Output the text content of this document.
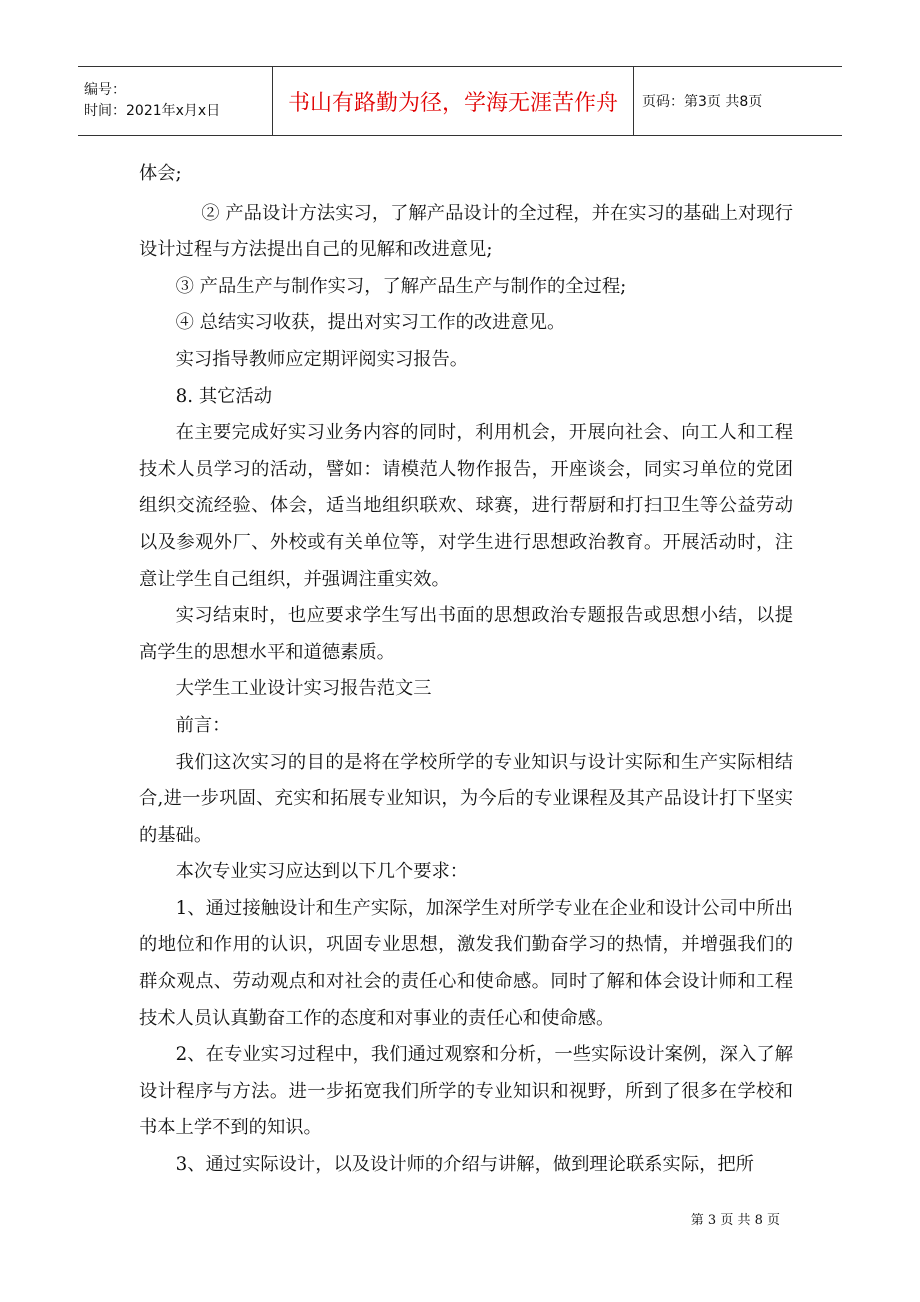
编号：
时间：2021年x月x日	书山有路勤为径，学海无涯苦作舟	页码：第3页 共8页

体会;

② 产品设计方法实习，了解产品设计的全过程，并在实习的基础上对现行设计过程与方法提出自己的见解和改进意见;

③ 产品生产与制作实习，了解产品生产与制作的全过程;

④ 总结实习收获，提出对实习工作的改进意见。

实习指导教师应定期评阅实习报告。

8. 其它活动

在主要完成好实习业务内容的同时，利用机会，开展向社会、向工人和工程技术人员学习的活动，譬如：请模范人物作报告，开座谈会，同实习单位的党团组织交流经验、体会，适当地组织联欢、球赛，进行帮厨和打扫卫生等公益劳动以及参观外厂、外校或有关单位等，对学生进行思想政治教育。开展活动时，注意让学生自己组织，并强调注重实效。

实习结束时，也应要求学生写出书面的思想政治专题报告或思想小结，以提高学生的思想水平和道德素质。

大学生工业设计实习报告范文三

前言：

我们这次实习的目的是将在学校所学的专业知识与设计实际和生产实际相结合,进一步巩固、充实和拓展专业知识，为今后的专业课程及其产品设计打下坚实的基础。

本次专业实习应达到以下几个要求：

1、通过接触设计和生产实际，加深学生对所学专业在企业和设计公司中所出的地位和作用的认识，巩固专业思想，激发我们勤奋学习的热情，并增强我们的群众观点、劳动观点和对社会的责任心和使命感。同时了解和体会设计师和工程技术人员认真勤奋工作的态度和对事业的责任心和使命感。

2、在专业实习过程中，我们通过观察和分析，一些实际设计案例，深入了解设计程序与方法。进一步拓宽我们所学的专业知识和视野，所到了很多在学校和书本上学不到的知识。

3、通过实际设计，以及设计师的介绍与讲解，做到理论联系实际，把所

第 3 页 共 8 页
